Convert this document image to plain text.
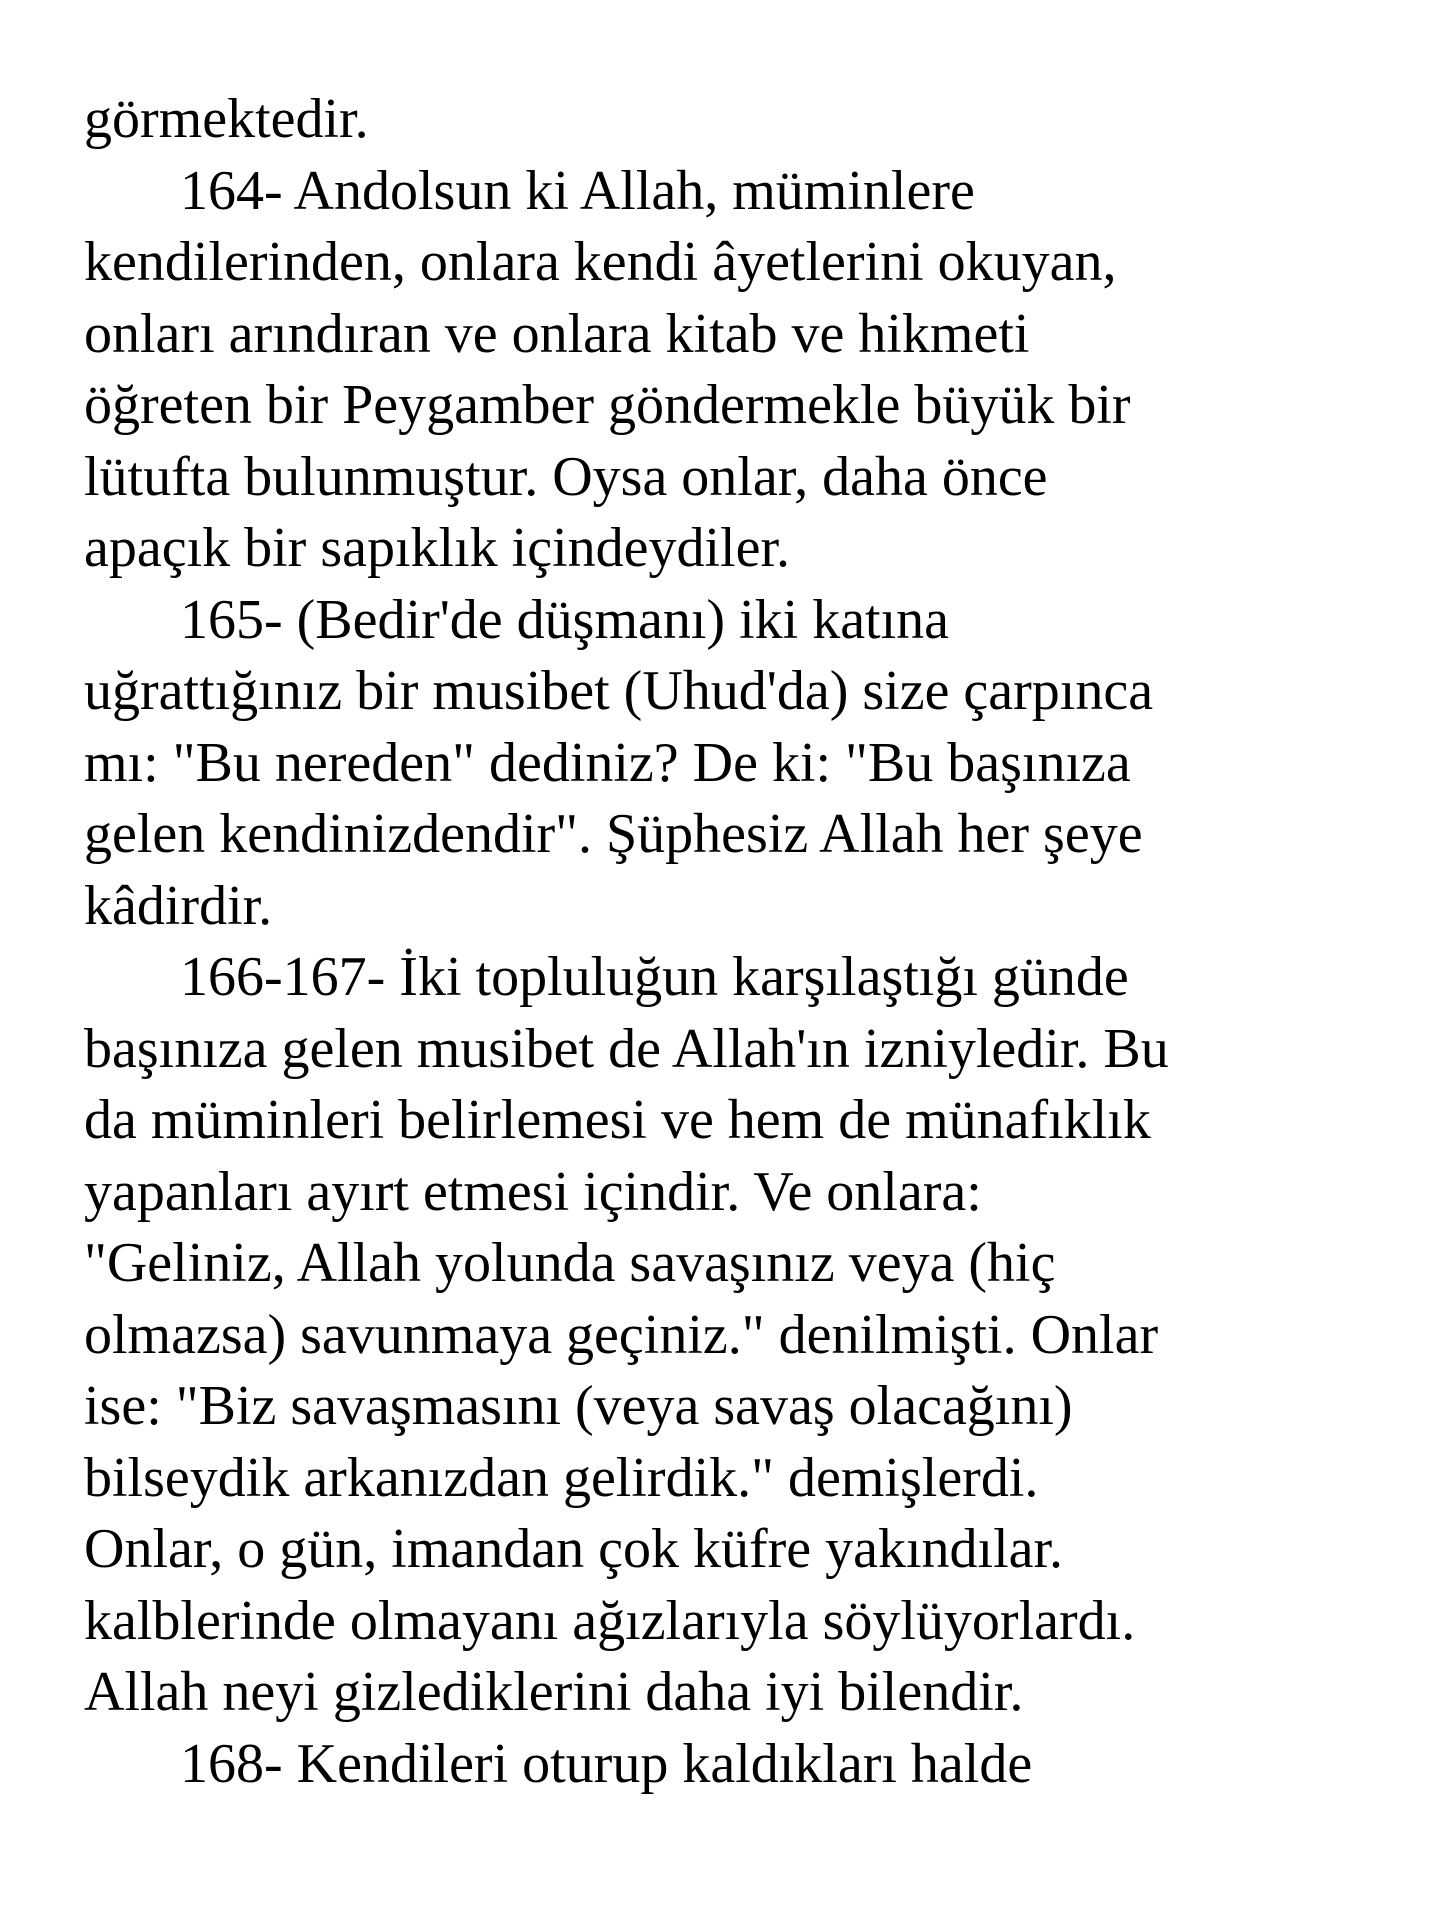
görmektedir.
164- Andolsun ki Allah, müminlere
kendilerinden, onlara kendi âyetlerini okuyan,
onları arındıran ve onlara kitab ve hikmeti
öğreten bir Peygamber göndermekle büyük bir
lütufta bulunmuştur. Oysa onlar, daha önce
apaçık bir sapıklık içindeydiler.
165- (Bedir'de düşmanı) iki katına
uğrattığınız bir musibet (Uhud'da) size çarpınca
mı: "Bu nereden" dediniz? De ki: "Bu başınıza
gelen kendinizdendir". Şüphesiz Allah her şeye
kâdirdir.
166-167- İki topluluğun karşılaştığı günde
başınıza gelen musibet de Allah'ın izniyledir. Bu
da müminleri belirlemesi ve hem de münafıklık
yapanları ayırt etmesi içindir. Ve onlara:
"Geliniz, Allah yolunda savaşınız veya (hiç
olmazsa) savunmaya geçiniz." denilmişti. Onlar
ise: "Biz savaşmasını (veya savaş olacağını)
bilseydik arkanızdan gelirdik." demişlerdi.
Onlar, o gün, imandan çok küfre yakındılar.
kalblerinde olmayanı ağızlarıyla söylüyorlardı.
Allah neyi gizlediklerini daha iyi bilendir.
168- Kendileri oturup kaldıkları halde
